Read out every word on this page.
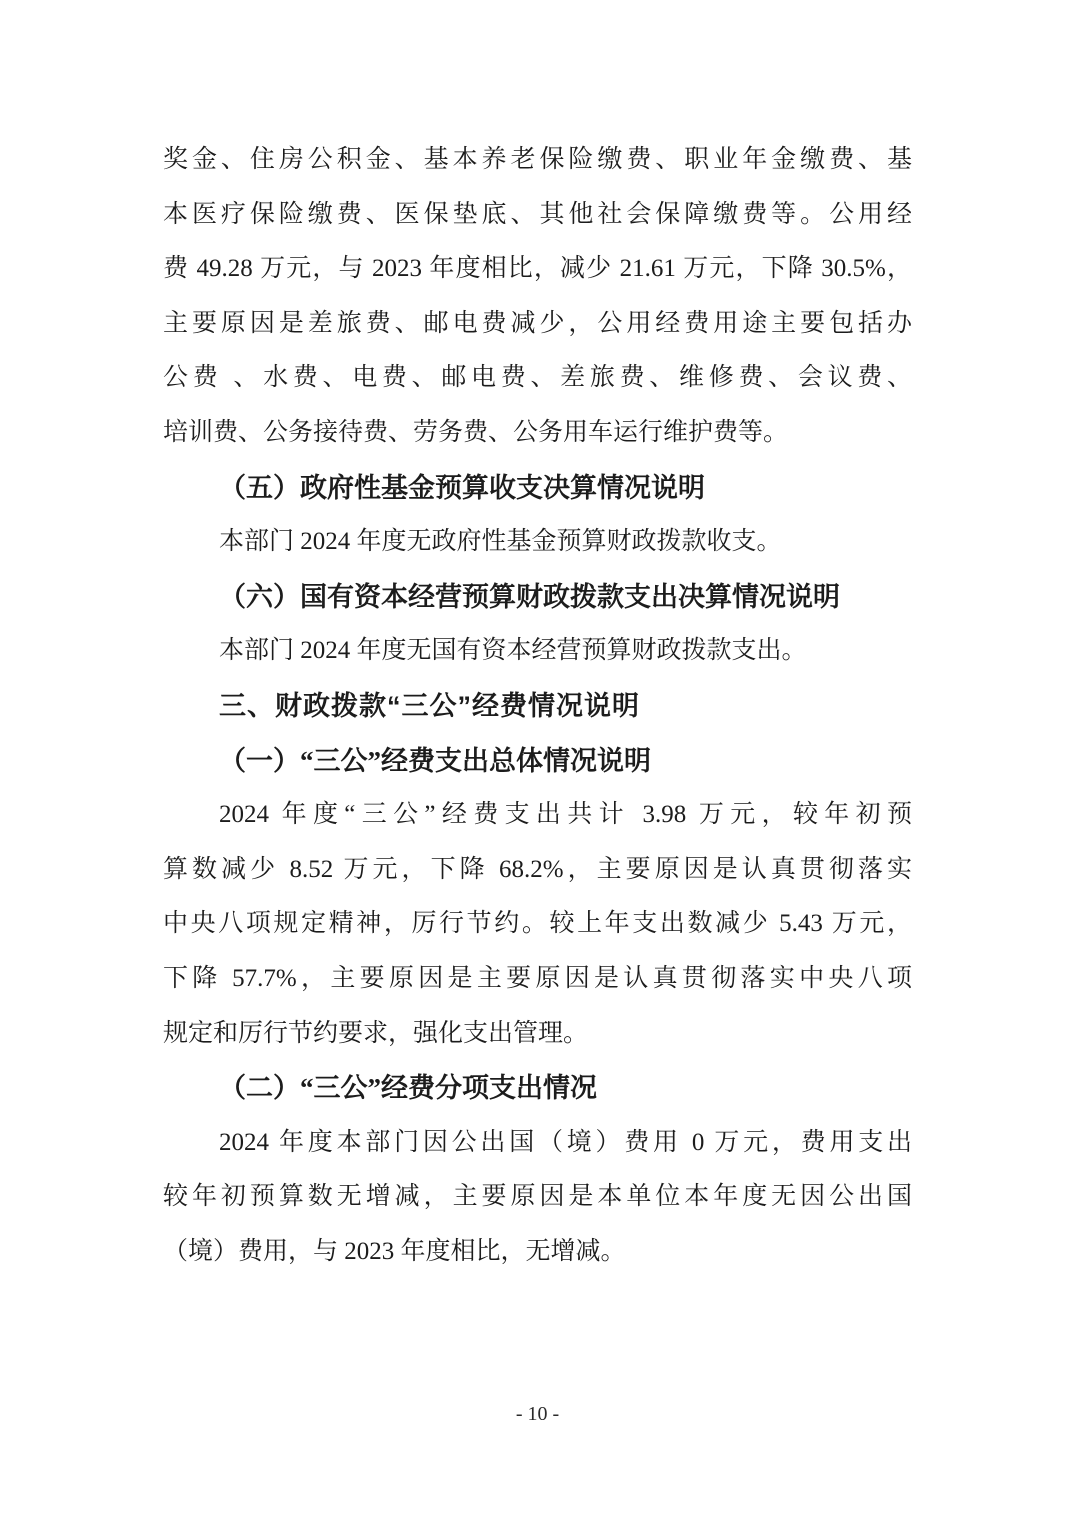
奖金、住房公积金、基本养老保险缴费、职业年金缴费、基
本医疗保险缴费、医保垫底、其他社会保障缴费等。公用经
费 49.28 万元，与 2023 年度相比，减少 21.61 万元，下降 30.5%，
主要原因是差旅费、邮电费减少，公用经费用途主要包括办
公费 、水费、电费、邮电费、差旅费、维修费、会议费、
培训费、公务接待费、劳务费、公务用车运行维护费等。
（五）政府性基金预算收支决算情况说明
本部门 2024 年度无政府性基金预算财政拨款收支。
（六）国有资本经营预算财政拨款支出决算情况说明
本部门 2024 年度无国有资本经营预算财政拨款支出。
三、财政拨款“三公”经费情况说明
（一）“三公”经费支出总体情况说明
2024 年度“三公”经费支出共计 3.98 万元，较年初预
算数减少 8.52 万元，下降 68.2%，主要原因是认真贯彻落实
中央八项规定精神，厉行节约。较上年支出数减少 5.43 万元，
下降 57.7%，主要原因是主要原因是认真贯彻落实中央八项
规定和厉行节约要求，强化支出管理。
（二）“三公”经费分项支出情况
2024 年度本部门因公出国（境）费用 0 万元，费用支出
较年初预算数无增减，主要原因是本单位本年度无因公出国
（境）费用，与 2023 年度相比，无增减。
- 10 -
